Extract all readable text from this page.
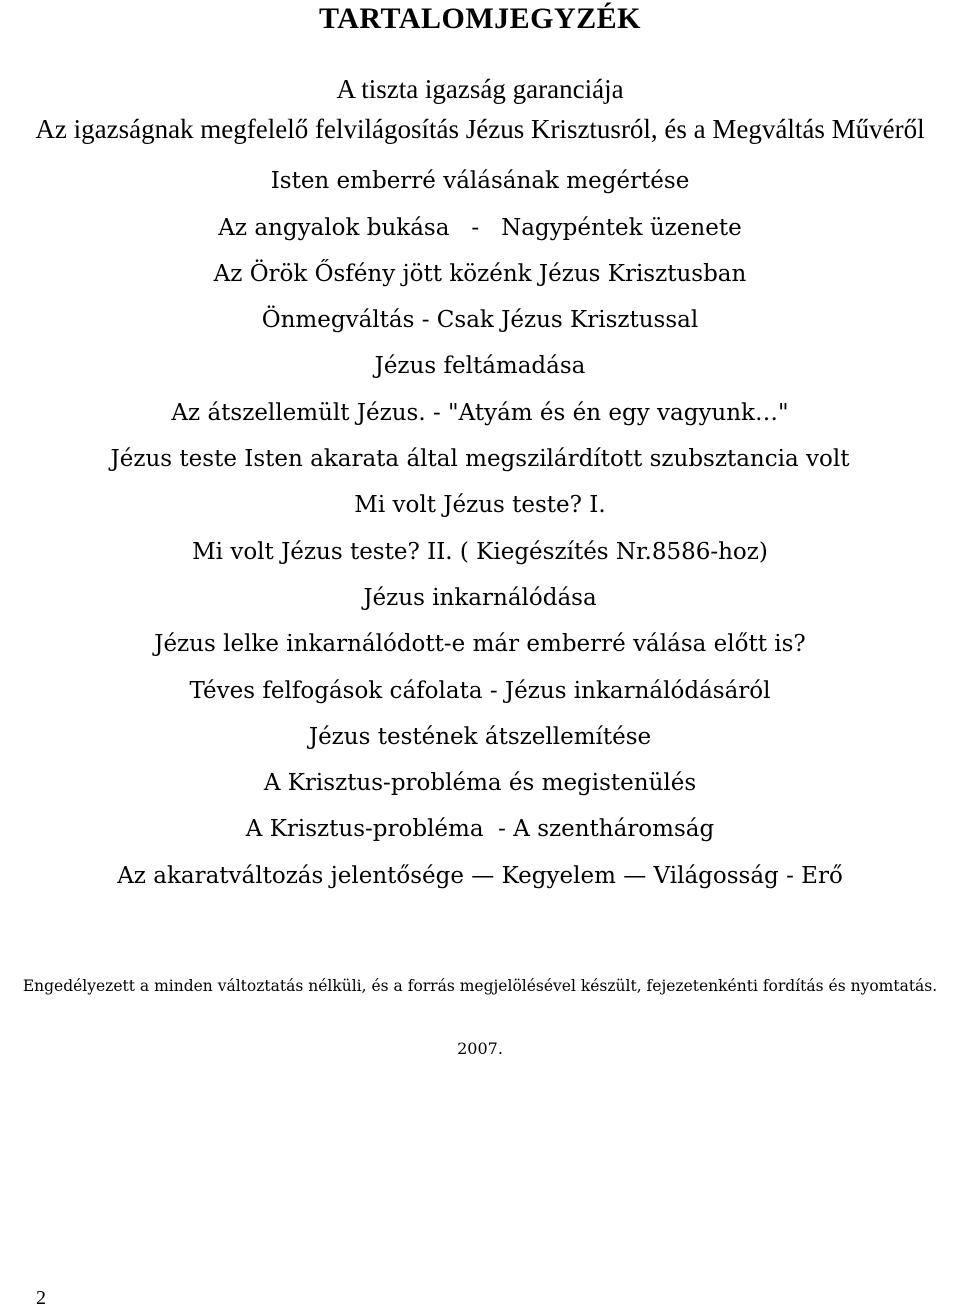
TARTALOMJEGYZÉK
A tiszta igazság garanciája
Az igazságnak megfelelő felvilágosítás Jézus Krisztusról, és a Megváltás Művéről
Isten emberré válásának megértése
Az angyalok bukása   -   Nagypéntek üzenete
Az Örök Ősfény jött közénk Jézus Krisztusban
Önmegváltás - Csak Jézus Krisztussal
Jézus feltámadása
Az átszellemült Jézus. - "Atyám és én egy vagyunk…"
Jézus teste Isten akarata által megszilárdított szubsztancia volt
Mi volt Jézus teste? I.
Mi volt Jézus teste? II. ( Kiegészítés Nr.8586-hoz)
Jézus inkarnálódása
Jézus lelke inkarnálódott-e már emberré válása előtt is?
Téves felfogások cáfolata - Jézus inkarnálódásáról
Jézus testének átszellemítése
A Krisztus-probléma és megistenülés
A Krisztus-probléma  - A szentháromság
Az akaratváltozás jelentősége — Kegyelem — Világosság - Erő
Engedélyezett a minden változtatás nélküli, és a forrás megjelölésével készült, fejezetenkénti fordítás és nyomtatás.
2007.
2
